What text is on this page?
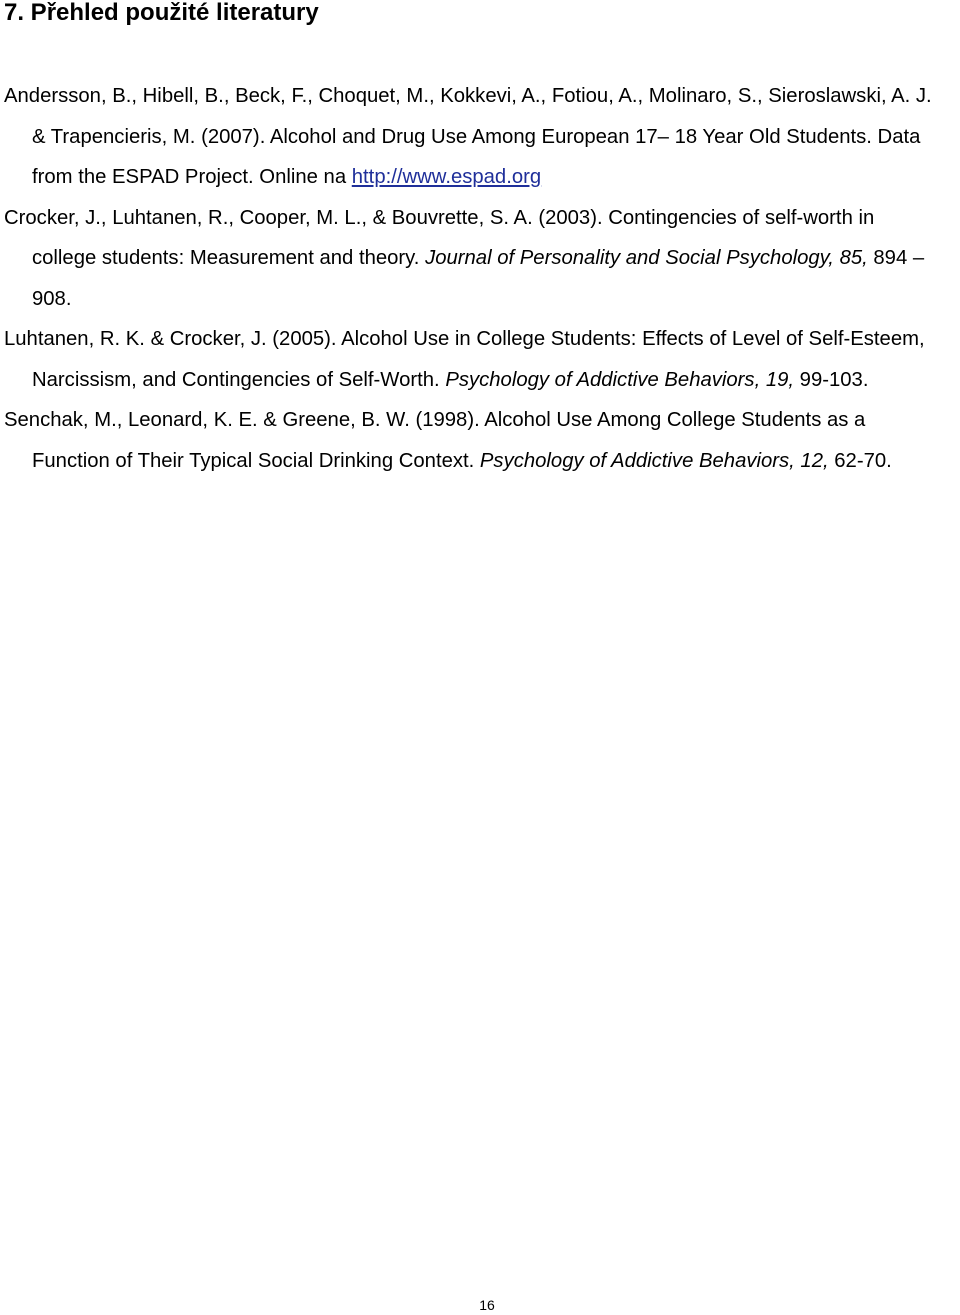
7. Přehled použité literatury

Andersson, B., Hibell, B., Beck, F., Choquet, M., Kokkevi, A., Fotiou, A., Molinaro, S., Sieroslawski, A. J. & Trapencieris, M. (2007). Alcohol and Drug Use Among European 17– 18 Year Old Students. Data from the ESPAD Project. Online na http://www.espad.org

Crocker, J., Luhtanen, R., Cooper, M. L., & Bouvrette, S. A. (2003). Contingencies of self-worth in college students: Measurement and theory. Journal of Personality and Social Psychology, 85, 894 –908.

Luhtanen, R. K. & Crocker, J. (2005). Alcohol Use in College Students: Effects of Level of Self-Esteem, Narcissism, and Contingencies of Self-Worth. Psychology of Addictive Behaviors, 19, 99-103.

Senchak, M., Leonard, K. E. & Greene, B. W. (1998). Alcohol Use Among College Students as a Function of Their Typical Social Drinking Context. Psychology of Addictive Behaviors, 12, 62-70.

16
